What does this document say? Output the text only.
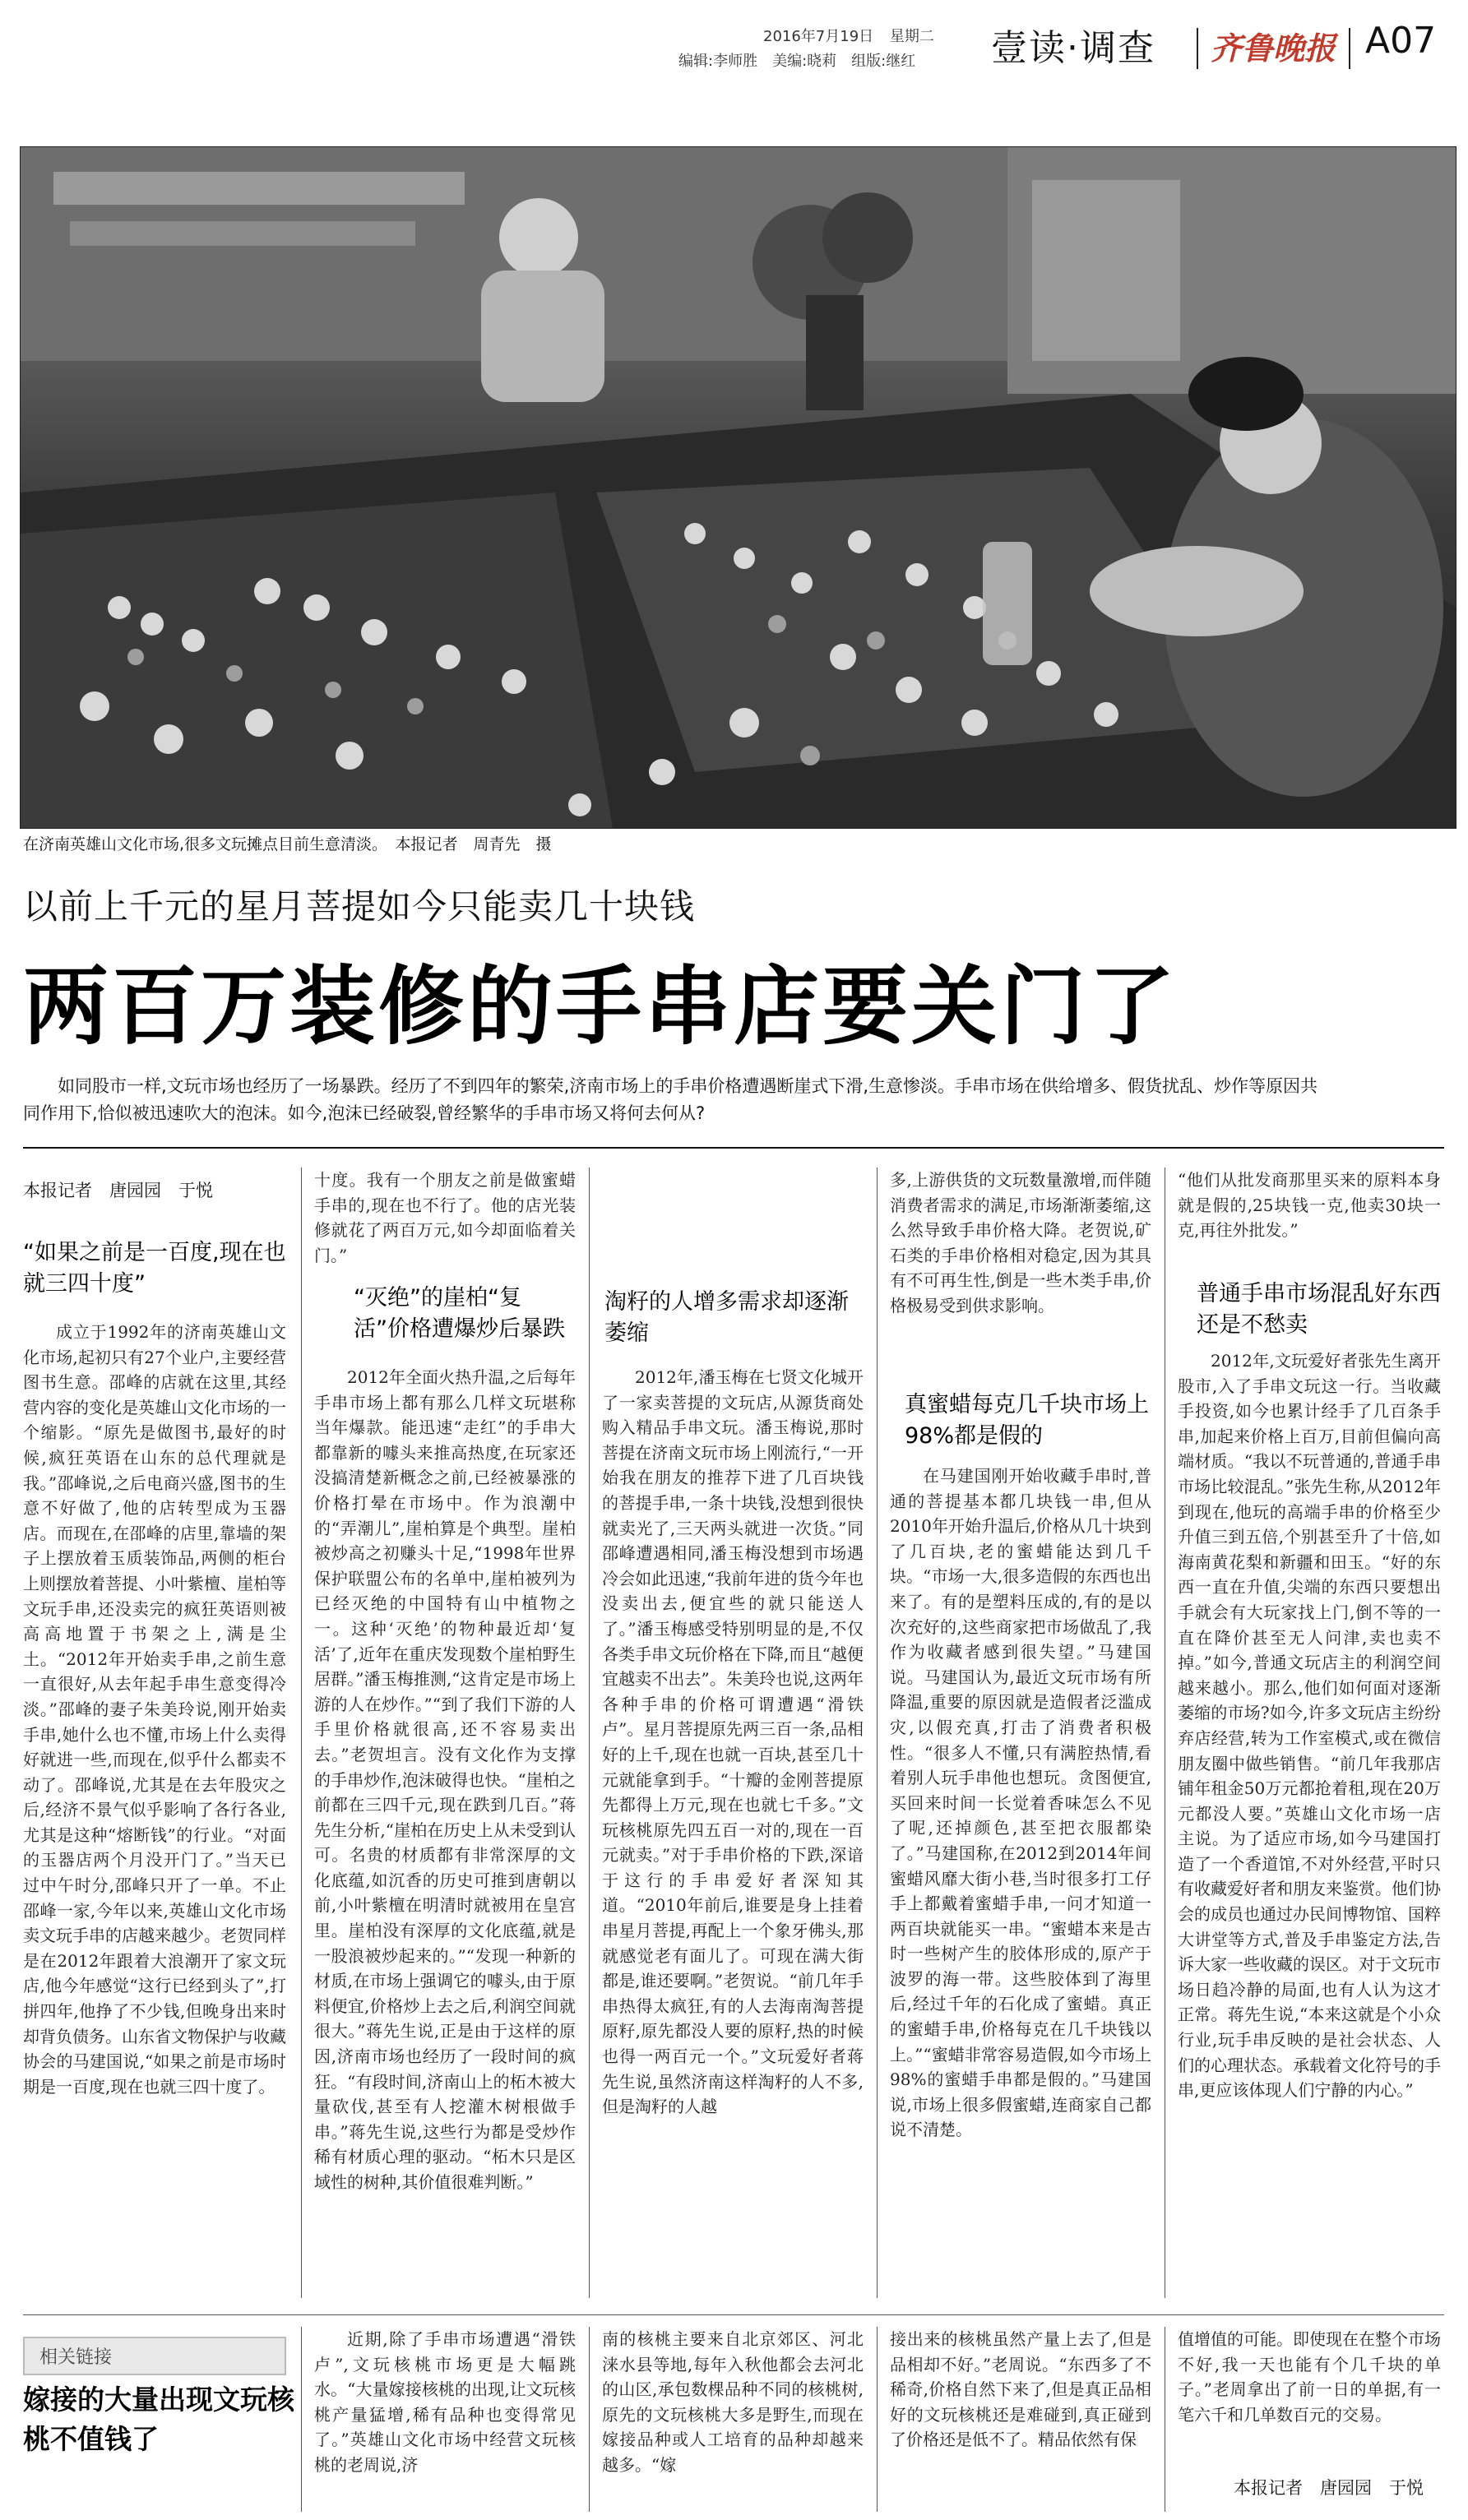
2016年7月19日 星期二
编辑:李师胜　美编:晓莉　组版:继红 壹读·调查 齐鲁晚报 A07
在济南英雄山文化市场,很多文玩摊点目前生意清淡。　本报记者　周青先　摄
以前上千元的星月菩提如今只能卖几十块钱
两百万装修的手串店要关门了
如同股市一样,文玩市场也经历了一场暴跌。经历了不到四年的繁荣,济南市场上的手串价格遭遇断崖式下滑,生意惨淡。手串市场在供给增多、假货扰乱、炒作等原因共同作用下,恰似被迅速吹大的泡沫。如今,泡沫已经破裂,曾经繁华的手串市场又将何去何从?
本报记者　唐园园　于悦
“如果之前是一百度,现在也就三四十度”

成立于1992年的济南英雄山文化市场,起初只有27个业户,主要经营图书生意。邵峰的店就在这里,其经营内容的变化是英雄山文化市场的一个缩影。“原先是做图书,最好的时候,疯狂英语在山东的总代理就是我。”邵峰说,之后电商兴盛,图书的生意不好做了,他的店转型成为玉器店。而现在,在邵峰的店里,靠墙的架子上摆放着玉质装饰品,两侧的柜台上则摆放着菩提、小叶紫檀、崖柏等文玩手串,还没卖完的疯狂英语则被高高地置于书架之上,满是尘土。“2012年开始卖手串,之前生意一直很好,从去年起手串生意变得冷淡。”邵峰的妻子朱美玲说,刚开始卖手串,她什么也不懂,市场上什么卖得好就进一些,而现在,似乎什么都卖不动了。邵峰说,尤其是在去年股灾之后,经济不景气似乎影响了各行各业,尤其是这种“熔断钱”的行业。“对面的玉器店两个月没开门了。”当天已过中午时分,邵峰只开了一单。不止邵峰一家,今年以来,英雄山文化市场卖文玩手串的店越来越少。老贺同样是在2012年跟着大浪潮开了家文玩店,他今年感觉“这行已经到头了”,打拼四年,他挣了不少钱,但晚身出来时却背负债务。山东省文物保护与收藏协会的马建国说,“如果之前是市场时期是一百度,现在也就三四十度了。

十度。我有一个朋友之前是做蜜蜡手串的,现在也不行了。他的店光装修就花了两百万元,如今却面临着关门。”

“灭绝”的崖柏“复活”价格遭爆炒后暴跌

2012年全面火热升温,之后每年手串市场上都有那么几样文玩堪称当年爆款。能迅速“走红”的手串大都靠新的噱头来推高热度,在玩家还没搞清楚新概念之前,已经被暴涨的价格打晕在市场中。作为浪潮中的“弄潮儿”,崖柏算是个典型。崖柏被炒高之初赚头十足,“1998年世界保护联盟公布的名单中,崖柏被列为已经灭绝的中国特有山中植物之一。这种‘灭绝’的物种最近却‘复活’了,近年在重庆发现数个崖柏野生居群。”潘玉梅推测,“这肯定是市场上游的人在炒作。”“到了我们下游的人手里价格就很高,还不容易卖出去。”老贺坦言。没有文化作为支撑的手串炒作,泡沫破得也快。“崖柏之前都在三四千元,现在跌到几百。”蒋先生分析,“崖柏在历史上从未受到认可。名贵的材质都有非常深厚的文化底蕴,如沉香的历史可推到唐朝以前,小叶紫檀在明清时就被用在皇宫里。崖柏没有深厚的文化底蕴,就是一股浪被炒起来的。”“发现一种新的材质,在市场上强调它的噱头,由于原料便宜,价格炒上去之后,利润空间就很大。”蒋先生说,正是由于这样的原因,济南市场也经历了一段时间的疯狂。“有段时间,济南山上的柘木被大量砍伐,甚至有人挖灌木树根做手串。”蒋先生说,这些行为都是受炒作稀有材质心理的驱动。“柘木只是区域性的树种,其价值很难判断。”

淘籽的人增多需求却逐渐萎缩

2012年,潘玉梅在七贤文化城开了一家卖菩提的文玩店,从源货商处购入精品手串文玩。潘玉梅说,那时菩提在济南文玩市场上刚流行,“一开始我在朋友的推荐下进了几百块钱的菩提手串,一条十块钱,没想到很快就卖光了,三天两头就进一次货。”同邵峰遭遇相同,潘玉梅没想到市场遇冷会如此迅速,“我前年进的货今年也没卖出去,便宜些的就只能送人了。”潘玉梅感受特别明显的是,不仅各类手串文玩价格在下降,而且“越便宜越卖不出去”。朱美玲也说,这两年各种手串的价格可谓遭遇“滑铁卢”。星月菩提原先两三百一条,品相好的上千,现在也就一百块,甚至几十元就能拿到手。“十瓣的金刚菩提原先都得上万元,现在也就七千多。”文玩核桃原先四五百一对的,现在一百元就卖。”对于手串价格的下跌,深谙于这行的手串爱好者深知其道。“2010年前后,谁要是身上挂着串星月菩提,再配上一个象牙佛头,那就感觉老有面儿了。可现在满大街都是,谁还要啊。”老贺说。“前几年手串热得太疯狂,有的人去海南淘菩提原籽,原先都没人要的原籽,热的时候也得一两百元一个。”文玩爱好者蒋先生说,虽然济南这样淘籽的人不多,但是淘籽的人越

多,上游供货的文玩数量激增,而伴随消费者需求的满足,市场渐渐萎缩,这么然导致手串价格大降。老贺说,矿石类的手串价格相对稳定,因为其具有不可再生性,倒是一些木类手串,价格极易受到供求影响。

真蜜蜡每克几千块市场上98%都是假的

在马建国刚开始收藏手串时,普通的菩提基本都几块钱一串,但从2010年开始升温后,价格从几十块到了几百块,老的蜜蜡能达到几千块。“市场一大,很多造假的东西也出来了。有的是塑料压成的,有的是以次充好的,这些商家把市场做乱了,我作为收藏者感到很失望。”马建国说。马建国认为,最近文玩市场有所降温,重要的原因就是造假者泛滥成灾,以假充真,打击了消费者积极性。“很多人不懂,只有满腔热情,看着别人玩手串他也想玩。贪图便宜,买回来时间一长觉着香味怎么不见了呢,还掉颜色,甚至把衣服都染了。”马建国称,在2012到2014年间蜜蜡风靡大街小巷,当时很多打工仔手上都戴着蜜蜡手串,一问才知道一两百块就能买一串。“蜜蜡本来是古时一些树产生的胶体形成的,原产于波罗的海一带。这些胶体到了海里后,经过千年的石化成了蜜蜡。真正的蜜蜡手串,价格每克在几千块钱以上。”“蜜蜡非常容易造假,如今市场上98%的蜜蜡手串都是假的。”马建国说,市场上很多假蜜蜡,连商家自己都说不清楚。

“他们从批发商那里买来的原料本身就是假的,25块钱一克,他卖30块一克,再往外批发。”

普通手串市场混乱好东西还是不愁卖

2012年,文玩爱好者张先生离开股市,入了手串文玩这一行。当收藏手投资,如今也累计经手了几百条手串,加起来价格上百万,目前但偏向高端材质。“我以不玩普通的,普通手串市场比较混乱。”张先生称,从2012年到现在,他玩的高端手串的价格至少升值三到五倍,个别甚至升了十倍,如海南黄花梨和新疆和田玉。“好的东西一直在升值,尖端的东西只要想出手就会有大玩家找上门,倒不等的一直在降价甚至无人问津,卖也卖不掉。”如今,普通文玩店主的利润空间越来越小。那么,他们如何面对逐渐萎缩的市场?如今,许多文玩店主纷纷弃店经营,转为工作室模式,或在微信朋友圈中做些销售。“前几年我那店铺年租金50万元都抢着租,现在20万元都没人要。”英雄山文化市场一店主说。为了适应市场,如今马建国打造了一个香道馆,不对外经营,平时只有收藏爱好者和朋友来鉴赏。他们协会的成员也通过办民间博物馆、国粹大讲堂等方式,普及手串鉴定方法,告诉大家一些收藏的误区。对于文玩市场日趋冷静的局面,也有人认为这才正常。蒋先生说,“本来这就是个小众行业,玩手串反映的是社会状态、人们的心理状态。承载着文化符号的手串,更应该体现人们宁静的内心。”

相关链接
嫁接的大量出现文玩核桃不值钱了

近期,除了手串市场遭遇“滑铁卢”,文玩核桃市场更是大幅跳水。“大量嫁接核桃的出现,让文玩核桃产量猛增,稀有品种也变得常见了。”英雄山文化市场中经营文玩核桃的老周说,济

南的核桃主要来自北京郊区、河北涞水县等地,每年入秋他都会去河北的山区,承包数棵品种不同的核桃树,原先的文玩核桃大多是野生,而现在嫁接品种或人工培育的品种却越来越多。“嫁

接出来的核桃虽然产量上去了,但是品相却不好。”老周说。“东西多了不稀奇,价格自然下来了,但是真正品相好的文玩核桃还是难碰到,真正碰到了价格还是低不了。精品依然有保

值增值的可能。即使现在在整个市场不好,我一天也能有个几千块的单子。”老周拿出了前一日的单据,有一笔六千和几单数百元的交易。

本报记者　唐园园　于悦
